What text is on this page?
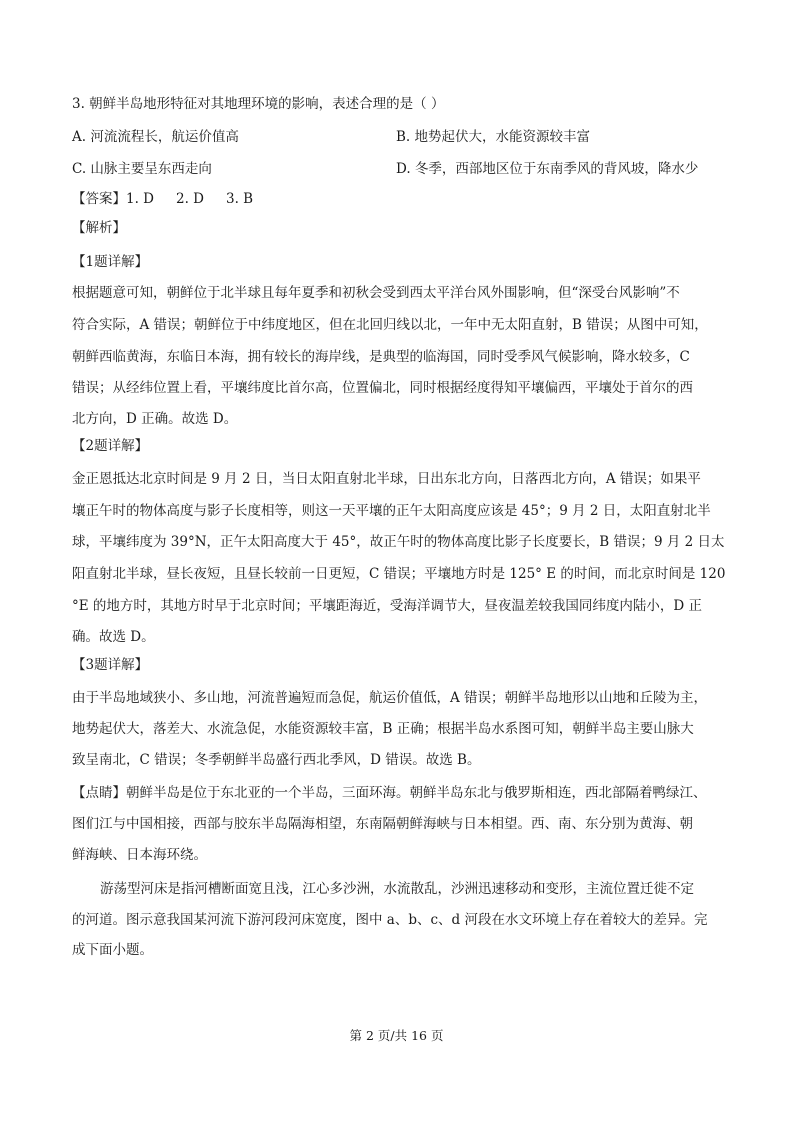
3. 朝鲜半岛地形特征对其地理环境的影响，表述合理的是（ ）
A. 河流流程长，航运价值高	B. 地势起伏大，水能资源较丰富
C. 山脉主要呈东西走向	D. 冬季，西部地区位于东南季风的背风坡，降水少
【答案】1. D 2. D 3. B
【解析】
【1题详解】
根据题意可知，朝鲜位于北半球且每年夏季和初秋会受到西太平洋台风外围影响，但“深受台风影响”不
符合实际，A 错误；朝鲜位于中纬度地区，但在北回归线以北，一年中无太阳直射，B 错误；从图中可知，
朝鲜西临黄海，东临日本海，拥有较长的海岸线，是典型的临海国，同时受季风气候影响，降水较多，C
错误；从经纬位置上看，平壤纬度比首尔高，位置偏北，同时根据经度得知平壤偏西，平壤处于首尔的西
北方向，D 正确。故选 D。
【2题详解】
金正恩抵达北京时间是 9 月 2 日，当日太阳直射北半球，日出东北方向，日落西北方向，A 错误；如果平
壤正午时的物体高度与影子长度相等，则这一天平壤的正午太阳高度应该是 45°；9 月 2 日，太阳直射北半
球，平壤纬度为 39°N，正午太阳高度大于 45°，故正午时的物体高度比影子长度要长，B 错误；9 月 2 日太
阳直射北半球，昼长夜短，且昼长较前一日更短，C 错误；平壤地方时是 125° E 的时间，而北京时间是 120
°E 的地方时，其地方时早于北京时间；平壤距海近，受海洋调节大，昼夜温差较我国同纬度内陆小，D 正
确。故选 D。
【3题详解】
由于半岛地域狭小、多山地，河流普遍短而急促，航运价值低，A 错误；朝鲜半岛地形以山地和丘陵为主，
地势起伏大，落差大、水流急促，水能资源较丰富，B 正确；根据半岛水系图可知，朝鲜半岛主要山脉大
致呈南北，C 错误；冬季朝鲜半岛盛行西北季风，D 错误。故选 B。
【点睛】朝鲜半岛是位于东北亚的一个半岛，三面环海。朝鲜半岛东北与俄罗斯相连，西北部隔着鸭绿江、
图们江与中国相接，西部与胶东半岛隔海相望，东南隔朝鲜海峡与日本相望。西、南、东分别为黄海、朝
鲜海峡、日本海环绕。
游荡型河床是指河槽断面宽且浅，江心多沙洲，水流散乱，沙洲迅速移动和变形，主流位置迁徙不定
的河道。图示意我国某河流下游河段河床宽度，图中 a、b、c、d 河段在水文环境上存在着较大的差异。完
成下面小题。
第 2 页/共 16 页
